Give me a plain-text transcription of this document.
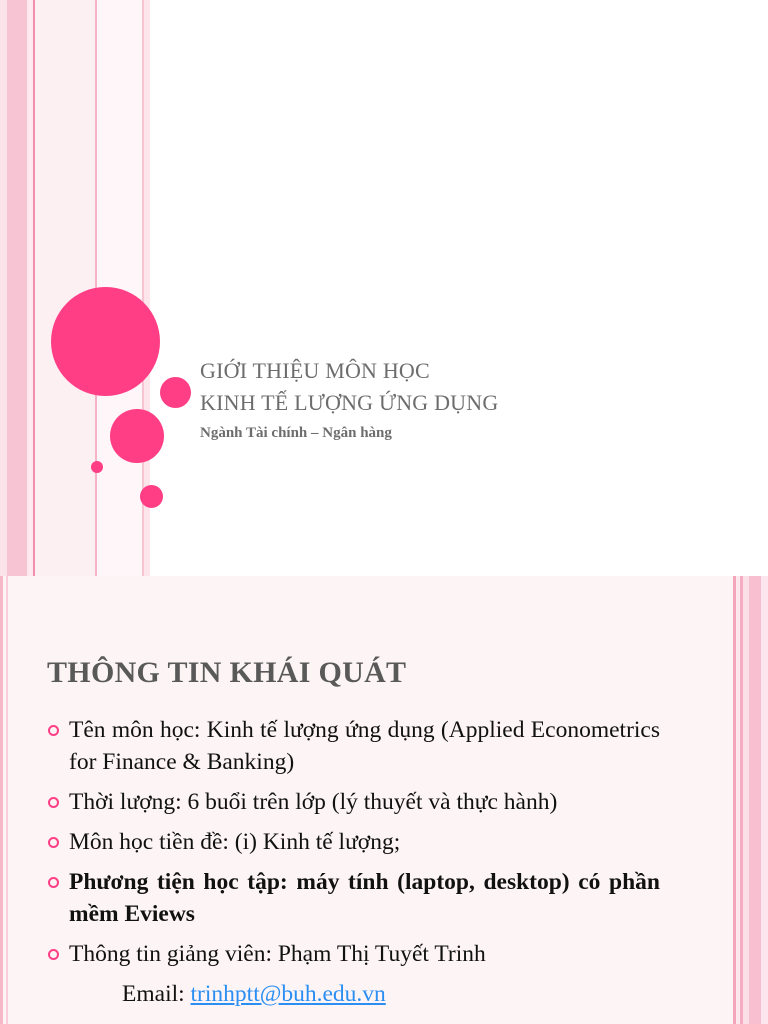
GIỚI THIỆU MÔN HỌC
KINH TẾ LƯỢNG ỨNG DỤNG
Ngành Tài chính – Ngân hàng
THÔNG TIN KHÁI QUÁT
Tên môn học: Kinh tế lượng ứng dụng (Applied Econometrics for Finance & Banking)
Thời lượng: 6 buổi trên lớp (lý thuyết và thực hành)
Môn học tiền đề: (i) Kinh tế lượng;
Phương tiện học tập: máy tính (laptop, desktop) có phần mềm Eviews
Thông tin giảng viên: Phạm Thị Tuyết Trinh
Email: trinhptt@buh.edu.vn
